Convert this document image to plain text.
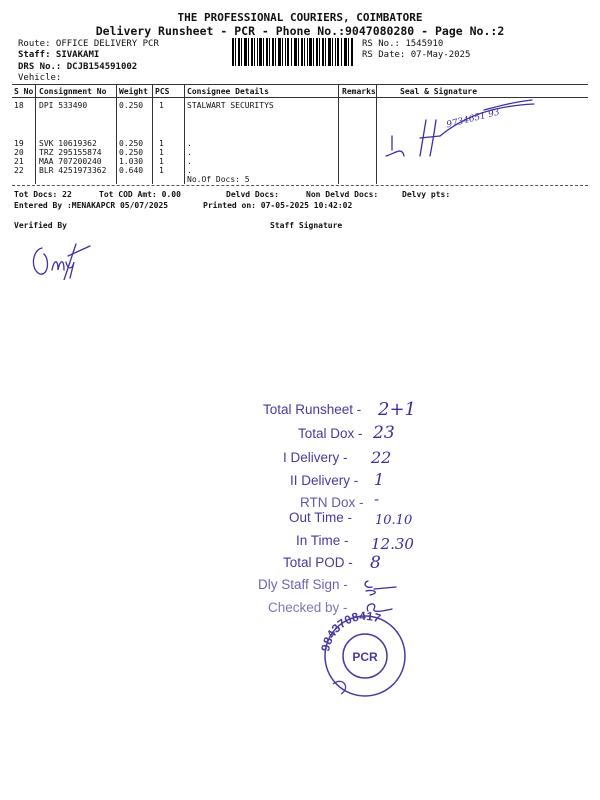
THE PROFESSIONAL COURIERS, COIMBATORE
Delivery Runsheet - PCR - Phone No.:9047080280 - Page No.:2
Route: OFFICE DELIVERY PCR
Staff: SIVAKAMI
DRS No.: DCJB154591002
Vehicle:
RS No.: 1545910
RS Date: 07-May-2025
S No Consignment No Weight PCS Consignee Details	Remarks	Seal & Signature
18 DPI 533490	0.250 1	STALWART SECURITYS
19 SVK 10619362	0.250 1	.
20 TRZ 295155874 0.250 1	.
21 MAA 707200240 1.030 1	.
22 BLR 4251973362 0.640 1	.
No.Of Docs: 5
9734651 93
Tot Docs: 22	Tot COD Amt: 0.00	Delvd Docs:	Non Delvd Docs:	Delvy pts:
Entered By :MENAKAPCR 05/07/2025	Printed on: 07-05-2025 10:42:02
Verified By	Staff Signature
Total Runsheet - 2+1
Total Dox - 23
I Delivery - 22
II Delivery - 1
RTN Dox - -
Out Time - 10.10
In Time - 12.30
Total POD - 8
Dly Staff Sign -
Checked by -
9843708417
PCR
